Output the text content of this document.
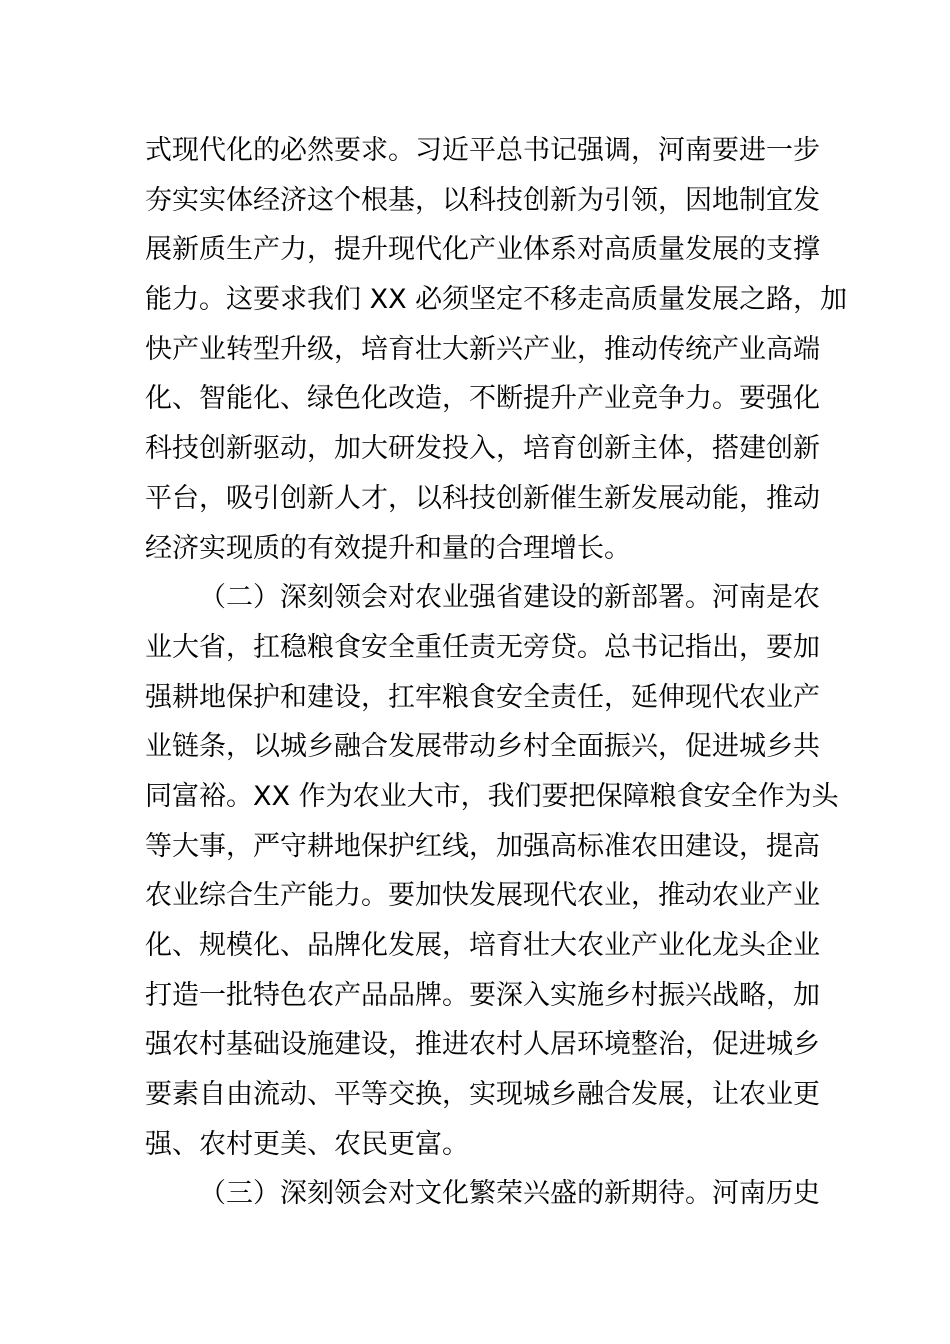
式现代化的必然要求。习近平总书记强调，河南要进一步
夯实实体经济这个根基，以科技创新为引领，因地制宜发
展新质生产力，提升现代化产业体系对高质量发展的支撑
能力。这要求我们 XX 必须坚定不移走高质量发展之路，加
快产业转型升级，培育壮大新兴产业，推动传统产业高端
化、智能化、绿色化改造，不断提升产业竞争力。要强化
科技创新驱动，加大研发投入，培育创新主体，搭建创新
平台，吸引创新人才，以科技创新催生新发展动能，推动
经济实现质的有效提升和量的合理增长。
（二）深刻领会对农业强省建设的新部署。河南是农
业大省，扛稳粮食安全重任责无旁贷。总书记指出，要加
强耕地保护和建设，扛牢粮食安全责任，延伸现代农业产
业链条，以城乡融合发展带动乡村全面振兴，促进城乡共
同富裕。XX 作为农业大市，我们要把保障粮食安全作为头
等大事，严守耕地保护红线，加强高标准农田建设，提高
农业综合生产能力。要加快发展现代农业，推动农业产业
化、规模化、品牌化发展，培育壮大农业产业化龙头企业
打造一批特色农产品品牌。要深入实施乡村振兴战略，加
强农村基础设施建设，推进农村人居环境整治，促进城乡
要素自由流动、平等交换，实现城乡融合发展，让农业更
强、农村更美、农民更富。
（三）深刻领会对文化繁荣兴盛的新期待。河南历史
